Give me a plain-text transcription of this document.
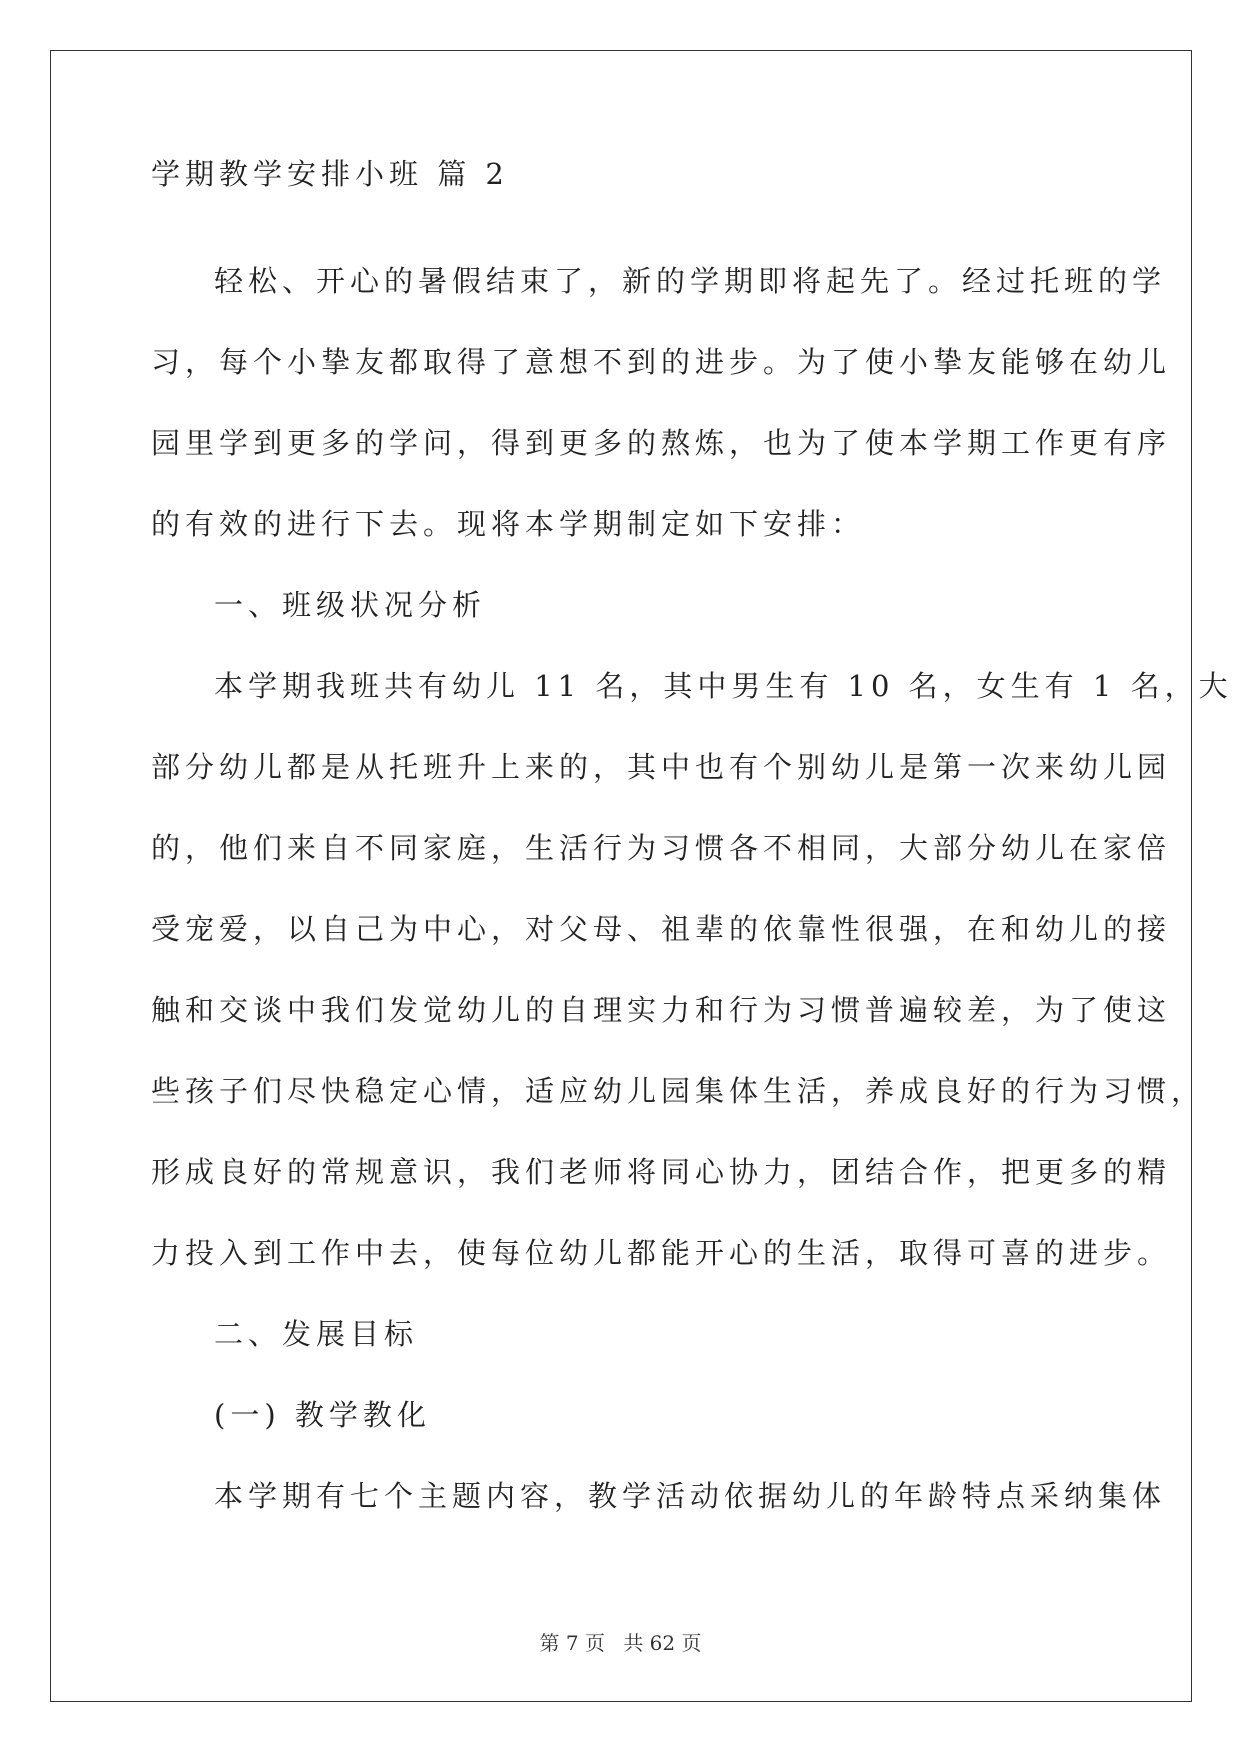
学期教学安排小班 篇 2
轻松、开心的暑假结束了，新的学期即将起先了。经过托班的学
习，每个小挚友都取得了意想不到的进步。为了使小挚友能够在幼儿
园里学到更多的学问，得到更多的熬炼，也为了使本学期工作更有序
的有效的进行下去。现将本学期制定如下安排：
一、班级状况分析
本学期我班共有幼儿 11 名，其中男生有 10 名，女生有 1 名，大
部分幼儿都是从托班升上来的，其中也有个别幼儿是第一次来幼儿园
的，他们来自不同家庭，生活行为习惯各不相同，大部分幼儿在家倍
受宠爱，以自己为中心，对父母、祖辈的依靠性很强，在和幼儿的接
触和交谈中我们发觉幼儿的自理实力和行为习惯普遍较差，为了使这
些孩子们尽快稳定心情，适应幼儿园集体生活，养成良好的行为习惯，
形成良好的常规意识，我们老师将同心协力，团结合作，把更多的精
力投入到工作中去，使每位幼儿都能开心的生活，取得可喜的进步。
二、发展目标
(一) 教学教化
本学期有七个主题内容，教学活动依据幼儿的年龄特点采纳集体
第 7 页 共 62 页
